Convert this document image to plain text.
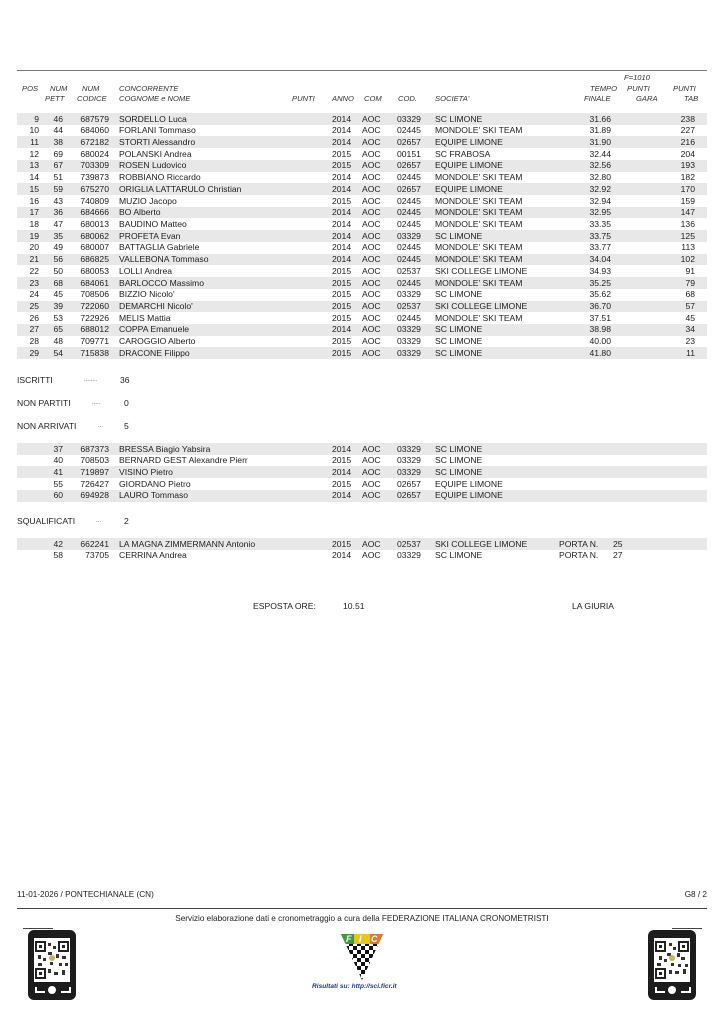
POS NUM
PETT
NUM
CODICE
CONCORRENTE
COGNOME e NOME	PUNTI ANNO COM COD. SOCIETA'
TEMPO
FINALE
F=1010
PUNTI
GARA
PUNTI
TAB
9 46 687579 SORDELLO Luca	2014 AOC 03329 SC LIMONE	31.66	238
10 44 684060 FORLANI Tommaso	2014 AOC 02445 MONDOLE' SKI TEAM	31.89	227
11 38 672182 STORTI Alessandro	2014 AOC 02657 EQUIPE LIMONE	31.90	216
12 69 680024 POLANSKI Andrea	2015 AOC 00151 SC FRABOSA	32.44	204
13 67 703309 ROSEN Ludovico	2015 AOC 02657 EQUIPE LIMONE	32.56	193
14 51 739873 ROBBIANO Riccardo	2014 AOC 02445 MONDOLE' SKI TEAM	32.80	182
15 59 675270 ORIGLIA LATTARULO Christian	2014 AOC 02657 EQUIPE LIMONE	32.92	170
16 43 740809 MUZIO Jacopo	2015 AOC 02445 MONDOLE' SKI TEAM	32.94	159
17 36 684666 BO Alberto	2014 AOC 02445 MONDOLE' SKI TEAM	32.95	147
18 47 680013 BAUDINO Matteo	2014 AOC 02445 MONDOLE' SKI TEAM	33.35	136
19 35 680062 PROFETA Evan	2014 AOC 03329 SC LIMONE	33.75	125
20 49 680007 BATTAGLIA Gabriele	2014 AOC 02445 MONDOLE' SKI TEAM	33.77	113
21 56 686825 VALLEBONA Tommaso	2014 AOC 02445 MONDOLE' SKI TEAM	34.04	102
22 50 680053 LOLLI Andrea	2015 AOC 02537 SKI COLLEGE LIMONE	34.93	91
23 68 684061 BARLOCCO Massimo	2015 AOC 02445 MONDOLE' SKI TEAM	35.25	79
24 45 708506 BIZZIO Nicolo'	2015 AOC 03329 SC LIMONE	35.62	68
25 39 722060 DEMARCHI Nicolo'	2015 AOC 02537 SKI COLLEGE LIMONE	36.70	57
26 53 722926 MELIS Mattia	2015 AOC 02445 MONDOLE' SKI TEAM	37.51	45
27 65 688012 COPPA Emanuele	2014 AOC 03329 SC LIMONE	38.98	34
28 48 709771 CAROGGIO Alberto	2015 AOC 03329 SC LIMONE	40.00	23
29 54 715838 DRACONE Filippo	2015 AOC 03329 SC LIMONE	41.80	11
ISCRITTI	........	36
NON PARTITI	.....	0
NON ARRIVATI	... 5
37 687373 BRESSA Biagio Yabsira	2014 AOC 03329 SC LIMONE
40 708503 BERNARD GEST Alexandre Pierr	2015 AOC 03329 SC LIMONE
41 719897 VISINO Pietro	2014 AOC 03329 SC LIMONE
55 726427 GIORDANO Pietro	2015 AOC 02657 EQUIPE LIMONE
60 694928 LAURO Tommaso	2014 AOC 02657 EQUIPE LIMONE
SQUALIFICATI	...	2
42 662241 LA MAGNA ZIMMERMANN Antonio	2015 AOC 02537 SKI COLLEGE LIMONE	PORTA N. 25
58	73705 CERRINA Andrea	2014 AOC 03329 SC LIMONE	PORTA N. 27
ESPOSTA ORE:	10.51	LA GIURIA
11-01-2026 / PONTECHIANALE (CN)	G8 / 2
Servizio elaborazione dati e cronometraggio a cura della FEDERAZIONE ITALIANA CRONOMETRISTI
F I C
Risultati su: http://sci.ficr.it
